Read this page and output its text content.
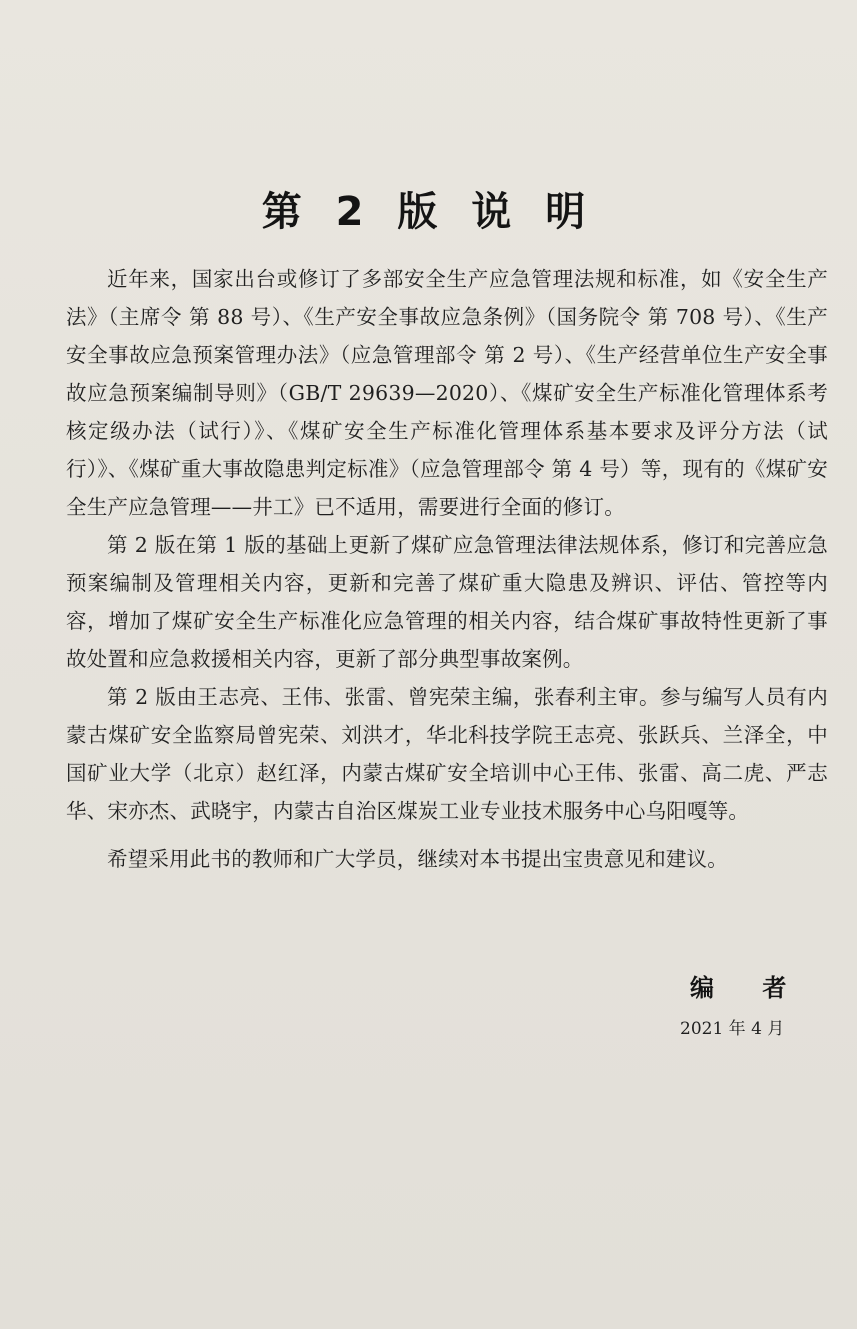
第 2 版 说 明

近年来，国家出台或修订了多部安全生产应急管理法规和标准，如《安全生产法》（主席令 第 88 号）、《生产安全事故应急条例》（国务院令 第 708 号）、《生产安全事故应急预案管理办法》（应急管理部令 第 2 号）、《生产经营单位生产安全事故应急预案编制导则》（GB/T 29639—2020）、《煤矿安全生产标准化管理体系考核定级办法（试行）》、《煤矿安全生产标准化管理体系基本要求及评分方法（试行）》、《煤矿重大事故隐患判定标准》（应急管理部令 第 4 号）等，现有的《煤矿安全生产应急管理——井工》已不适用，需要进行全面的修订。

第 2 版在第 1 版的基础上更新了煤矿应急管理法律法规体系，修订和完善应急预案编制及管理相关内容，更新和完善了煤矿重大隐患及辨识、评估、管控等内容，增加了煤矿安全生产标准化应急管理的相关内容，结合煤矿事故特性更新了事故处置和应急救援相关内容，更新了部分典型事故案例。

第 2 版由王志亮、王伟、张雷、曾宪荣主编，张春利主审。参与编写人员有内蒙古煤矿安全监察局曾宪荣、刘洪才，华北科技学院王志亮、张跃兵、兰泽全，中国矿业大学（北京）赵红泽，内蒙古煤矿安全培训中心王伟、张雷、高二虎、严志华、宋亦杰、武晓宇，内蒙古自治区煤炭工业专业技术服务中心乌阳嘎等。

希望采用此书的教师和广大学员，继续对本书提出宝贵意见和建议。

编 者
2021 年 4 月
